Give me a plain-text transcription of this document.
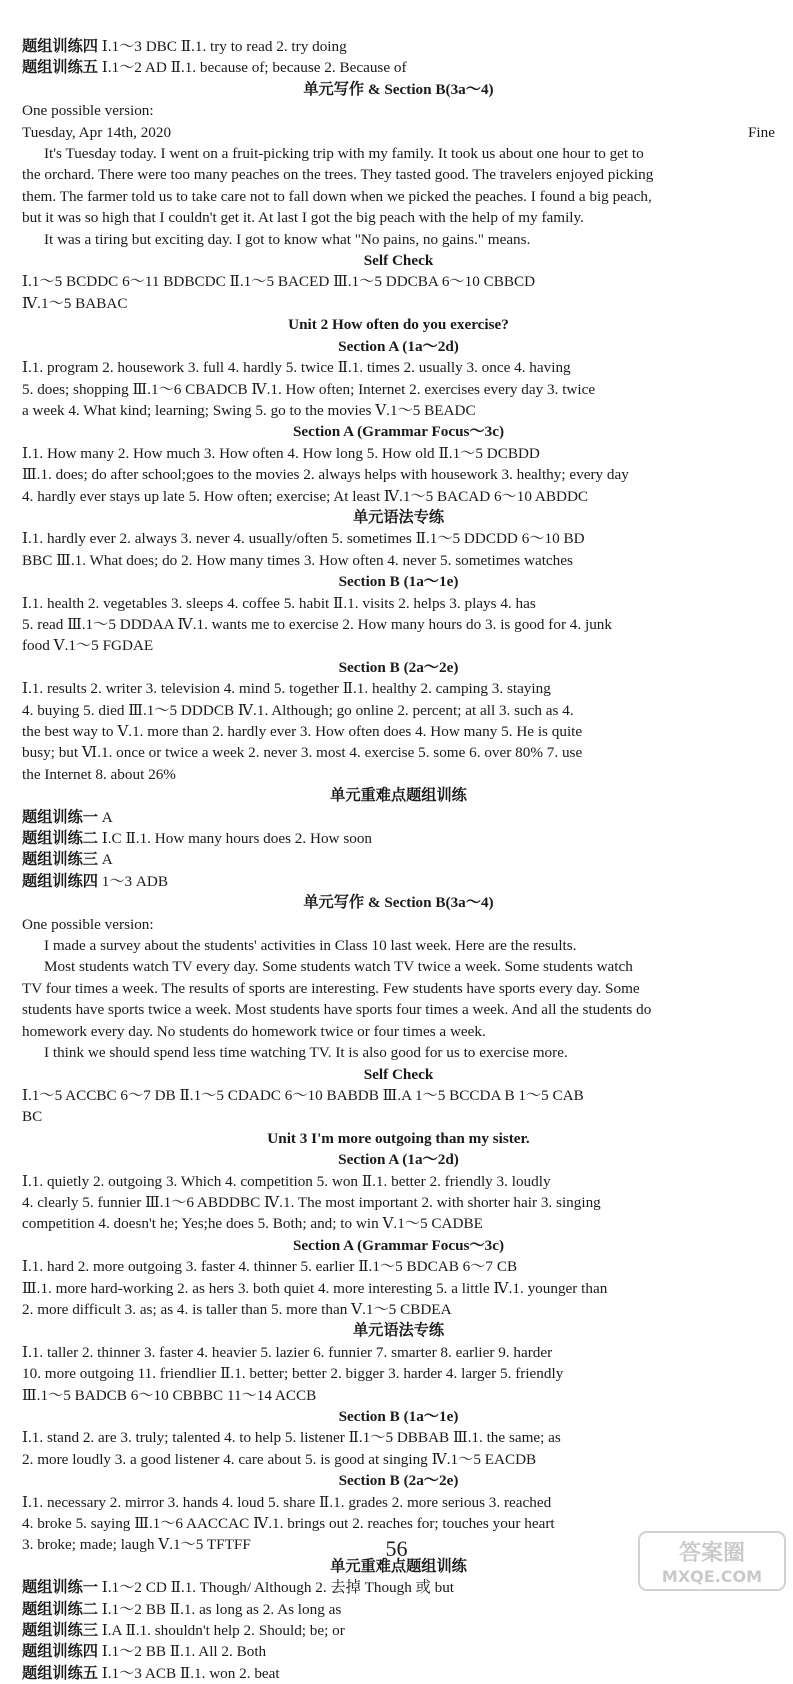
题组训练四 Ⅰ.1～3 DBC Ⅱ.1. try to read 2. try doing
题组训练五 Ⅰ.1～2 AD Ⅱ.1. because of; because 2. Because of
单元写作 & Section B(3a～4)
One possible version:
Tuesday, Apr 14th, 2020	Fine
It's Tuesday today. I went on a fruit-picking trip with my family. It took us about one hour to get to
the orchard. There were too many peaches on the trees. They tasted good. The travelers enjoyed picking
them. The farmer told us to take care not to fall down when we picked the peaches. I found a big peach,
but it was so high that I couldn't get it. At last I got the big peach with the help of my family.
It was a tiring but exciting day. I got to know what "No pains, no gains." means.
Self Check
Ⅰ.1～5 BCDDC 6～11 BDBCDC Ⅱ.1～5 BACED Ⅲ.1～5 DDCBA 6～10 CBBCD
Ⅳ.1～5 BABAC
Unit 2 How often do you exercise?
Section A (1a～2d)
Ⅰ.1. program 2. housework 3. full 4. hardly 5. twice Ⅱ.1. times 2. usually 3. once 4. having
5. does; shopping Ⅲ.1～6 CBADCB Ⅳ.1. How often; Internet 2. exercises every day 3. twice
a week 4. What kind; learning; Swing 5. go to the movies Ⅴ.1～5 BEADC
Section A (Grammar Focus～3c)
Ⅰ.1. How many 2. How much 3. How often 4. How long 5. How old Ⅱ.1～5 DCBDD
Ⅲ.1. does; do after school;goes to the movies 2. always helps with housework 3. healthy; every day
4. hardly ever stays up late 5. How often; exercise; At least Ⅳ.1～5 BACAD 6～10 ABDDC
单元语法专练
Ⅰ.1. hardly ever 2. always 3. never 4. usually/often 5. sometimes Ⅱ.1～5 DDCDD 6～10 BD
BBC Ⅲ.1. What does; do 2. How many times 3. How often 4. never 5. sometimes watches
Section B (1a～1e)
Ⅰ.1. health 2. vegetables 3. sleeps 4. coffee 5. habit Ⅱ.1. visits 2. helps 3. plays 4. has
5. read Ⅲ.1～5 DDDAA Ⅳ.1. wants me to exercise 2. How many hours do 3. is good for 4. junk
food Ⅴ.1～5 FGDAE
Section B (2a～2e)
Ⅰ.1. results 2. writer 3. television 4. mind 5. together Ⅱ.1. healthy 2. camping 3. staying
4. buying 5. died Ⅲ.1～5 DDDCB Ⅳ.1. Although; go online 2. percent; at all 3. such as 4.
the best way to Ⅴ.1. more than 2. hardly ever 3. How often does 4. How many 5. He is quite
busy; but Ⅵ.1. once or twice a week 2. never 3. most 4. exercise 5. some 6. over 80% 7. use
the Internet 8. about 26%
单元重难点题组训练
题组训练一 A
题组训练二 Ⅰ.C Ⅱ.1. How many hours does 2. How soon
题组训练三 A
题组训练四 1～3 ADB
单元写作 & Section B(3a～4)
One possible version:
I made a survey about the students' activities in Class 10 last week. Here are the results.
Most students watch TV every day. Some students watch TV twice a week. Some students watch
TV four times a week. The results of sports are interesting. Few students have sports every day. Some
students have sports twice a week. Most students have sports four times a week. And all the students do
homework every day. No students do homework twice or four times a week.
I think we should spend less time watching TV. It is also good for us to exercise more.
Self Check
Ⅰ.1～5 ACCBC 6～7 DB Ⅱ.1～5 CDADC 6～10 BABDB Ⅲ.A 1～5 BCCDA B 1～5 CAB
BC
Unit 3 I'm more outgoing than my sister.
Section A (1a～2d)
Ⅰ.1. quietly 2. outgoing 3. Which 4. competition 5. won Ⅱ.1. better 2. friendly 3. loudly
4. clearly 5. funnier Ⅲ.1～6 ABDDBC Ⅳ.1. The most important 2. with shorter hair 3. singing
competition 4. doesn't he; Yes;he does 5. Both; and; to win Ⅴ.1～5 CADBE
Section A (Grammar Focus～3c)
Ⅰ.1. hard 2. more outgoing 3. faster 4. thinner 5. earlier Ⅱ.1～5 BDCAB 6～7 CB
Ⅲ.1. more hard-working 2. as hers 3. both quiet 4. more interesting 5. a little Ⅳ.1. younger than
2. more difficult 3. as; as 4. is taller than 5. more than Ⅴ.1～5 CBDEA
单元语法专练
Ⅰ.1. taller 2. thinner 3. faster 4. heavier 5. lazier 6. funnier 7. smarter 8. earlier 9. harder
10. more outgoing 11. friendlier Ⅱ.1. better; better 2. bigger 3. harder 4. larger 5. friendly
Ⅲ.1～5 BADCB 6～10 CBBBC 11～14 ACCB
Section B (1a～1e)
Ⅰ.1. stand 2. are 3. truly; talented 4. to help 5. listener Ⅱ.1～5 DBBAB Ⅲ.1. the same; as
2. more loudly 3. a good listener 4. care about 5. is good at singing Ⅳ.1～5 EACDB
Section B (2a～2e)
Ⅰ.1. necessary 2. mirror 3. hands 4. loud 5. share Ⅱ.1. grades 2. more serious 3. reached
4. broke 5. saying Ⅲ.1～6 AACCAC Ⅳ.1. brings out 2. reaches for; touches your heart
3. broke; made; laugh Ⅴ.1～5 TFTFF
单元重难点题组训练
题组训练一 Ⅰ.1～2 CD Ⅱ.1. Though/ Although 2. 去掉 Though 或 but
题组训练二 Ⅰ.1～2 BB Ⅱ.1. as long as 2. As long as
题组训练三 Ⅰ.A Ⅱ.1. shouldn't help 2. Should; be; or
题组训练四 Ⅰ.1～2 BB Ⅱ.1. All 2. Both
题组训练五 Ⅰ.1～3 ACB Ⅱ.1. won 2. beat
答案圈
MXQE.COM
56
